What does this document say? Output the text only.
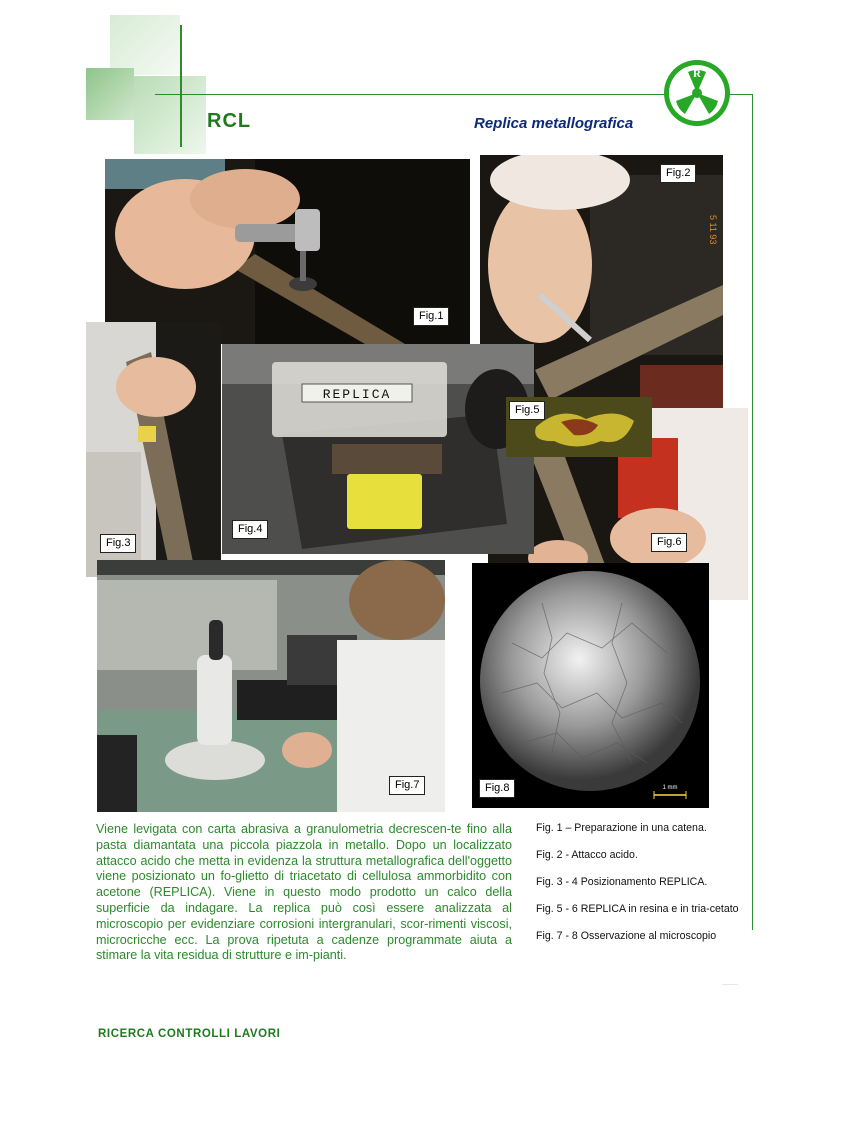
RCL	Replica metallografica
R
C L
Fig.1
5 11 93
Fig.2
Fig.3	Fig.6
REPLICA
Fig.4
Fig.5
Fig.7	1 mm
Fig.8
Viene levigata con carta abrasiva a granulometria decrescen-te fino alla pasta diamantata una piccola piazzola in metallo. Dopo un localizzato attacco acido che metta in evidenza la struttura metallografica dell'oggetto viene posizionato un fo-glietto di triacetato di cellulosa ammorbidito con acetone (REPLICA). Viene in questo modo prodotto un calco della superficie da indagare. La replica può così essere analizzata al microscopio per evidenziare corrosioni intergranulari, scor-rimenti viscosi, microcricche ecc. La prova ripetuta a cadenze programmate aiuta a stimare la vita residua di strutture e im-pianti.
Fig. 1 – Preparazione in una catena.
Fig. 2 - Attacco acido.
Fig. 3 - 4 Posizionamento REPLICA.
Fig. 5 - 6 REPLICA in resina e in tria-cetato
Fig. 7 - 8 Osservazione al microscopio
RICERCA CONTROLLI LAVORI
